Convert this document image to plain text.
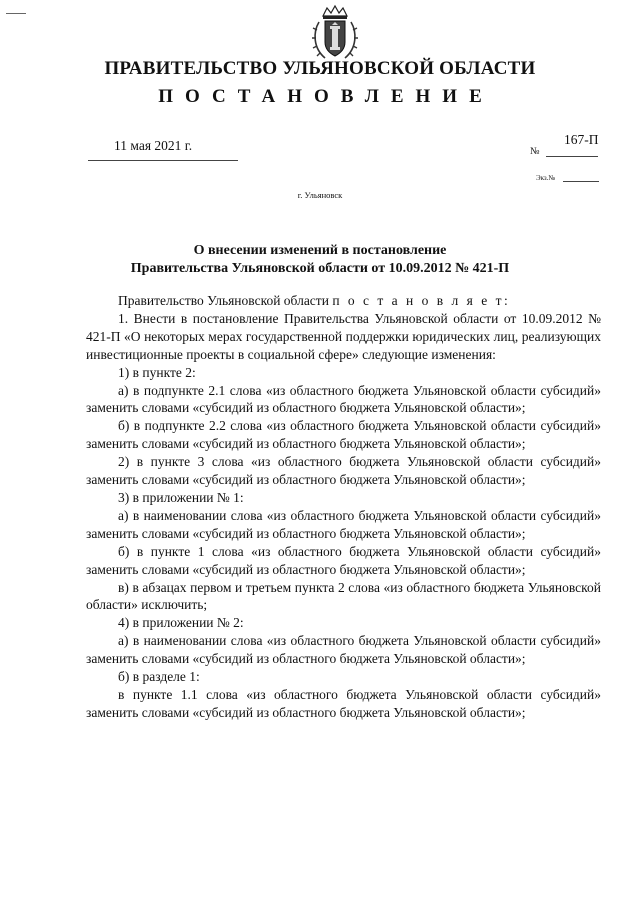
ПРАВИТЕЛЬСТВО УЛЬЯНОВСКОЙ ОБЛАСТИ
ПОСТАНОВЛЕНИЕ
11 мая 2021 г.	№
167-П
Экз.№
г. Ульяновск
О внесении изменений в постановление
Правительства Ульяновской области от 10.09.2012 № 421-П

Правительство Ульяновской области п о с т а н о в л я е т:

1. Внести в постановление Правительства Ульяновской области от 10.09.2012 № 421-П «О некоторых мерах государственной поддержки юридических лиц, реализующих инвестиционные проекты в социальной сфере» следующие изменения:

1) в пункте 2:

а) в подпункте 2.1 слова «из областного бюджета Ульяновской области субсидий» заменить словами «субсидий из областного бюджета Ульяновской области»;

б) в подпункте 2.2 слова «из областного бюджета Ульяновской области субсидий» заменить словами «субсидий из областного бюджета Ульяновской области»;

2) в пункте 3 слова «из областного бюджета Ульяновской области субсидий» заменить словами «субсидий из областного бюджета Ульяновской области»;

3) в приложении № 1:

а) в наименовании слова «из областного бюджета Ульяновской области субсидий» заменить словами «субсидий из областного бюджета Ульяновской области»;

б) в пункте 1 слова «из областного бюджета Ульяновской области субсидий» заменить словами «субсидий из областного бюджета Ульяновской области»;

в) в абзацах первом и третьем пункта 2 слова «из областного бюджета Ульяновской области» исключить;

4) в приложении № 2:

а) в наименовании слова «из областного бюджета Ульяновской области субсидий» заменить словами «субсидий из областного бюджета Ульяновской области»;

б) в разделе 1:

в пункте 1.1 слова «из областного бюджета Ульяновской области субсидий» заменить словами «субсидий из областного бюджета Ульяновской области»;
